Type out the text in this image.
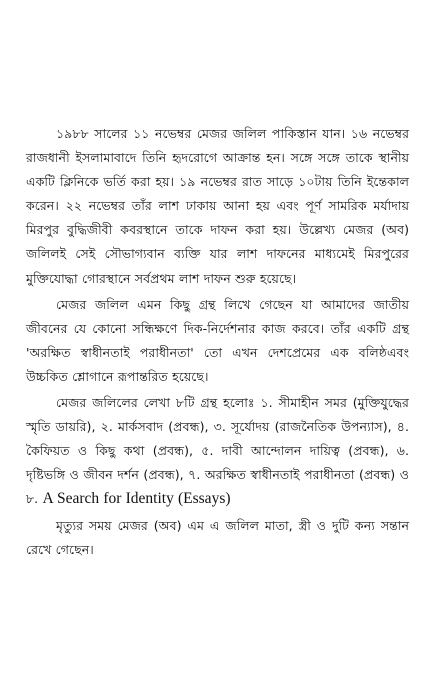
১৯৮৮ সালের ১১ নভেম্বর মেজর জলিল পাকিস্তান যান। ১৬ নভেম্বর রাজধানী ইসলামাবাদে তিনি হৃদরোগে আক্রান্ত হন। সঙ্গে সঙ্গে তাকে স্থানীয় একটি ক্লিনিকে ভর্তি করা হয়। ১৯ নভেম্বর রাত সাড়ে ১০টায় তিনি ইন্তেকাল করেন। ২২ নভেম্বর তাঁর লাশ ঢাকায় আনা হয় এবং পূর্ণ সামরিক মর্যাদায় মিরপুর বুদ্ধিজীবী কবরস্থানে তাকে দাফন করা হয়। উল্লেখ্য মেজর (অব) জলিলই সেই সৌভাগ্যবান ব্যক্তি যার লাশ দাফনের মাধ্যমেই মিরপুরের মুক্তিযোদ্ধা গোরস্থানে সর্বপ্রথম লাশ দাফন শুরু হয়েছে।

মেজর জলিল এমন কিছু গ্রন্থ লিখে গেছেন যা আমাদের জাতীয় জীবনের যে কোনো সন্ধিক্ষণে দিক-নির্দেশনার কাজ করবে। তাঁর একটি গ্রন্থ 'অরক্ষিত স্বাধীনতাই পরাধীনতা' তো এখন দেশপ্রেমের এক বলিষ্ঠএবং উচ্চকিত শ্লোগানে রূপান্তরিত হয়েছে।

মেজর জলিলের লেখা ৮টি গ্রন্থ হলোঃ ১. সীমাহীন সমর (মুক্তিযুদ্ধের স্মৃতি ডায়রি), ২. মার্কসবাদ (প্রবন্ধ), ৩. সূর্যোদয় (রাজনৈতিক উপন্যাস), ৪. কৈফিয়ত ও কিছু কথা (প্রবন্ধ), ৫. দাবী আন্দোলন দায়িত্ব (প্রবন্ধ), ৬. দৃষ্টিভঙ্গি ও জীবন দর্শন (প্রবন্ধ), ৭. অরক্ষিত স্বাধীনতাই পরাধীনতা (প্রবন্ধ) ও ৮. A Search for Identity (Essays)

মৃত্যুর সময় মেজর (অব) এম এ জলিল মাতা, স্ত্রী ও দুটি কন্য সন্তান রেখে গেছেন।
